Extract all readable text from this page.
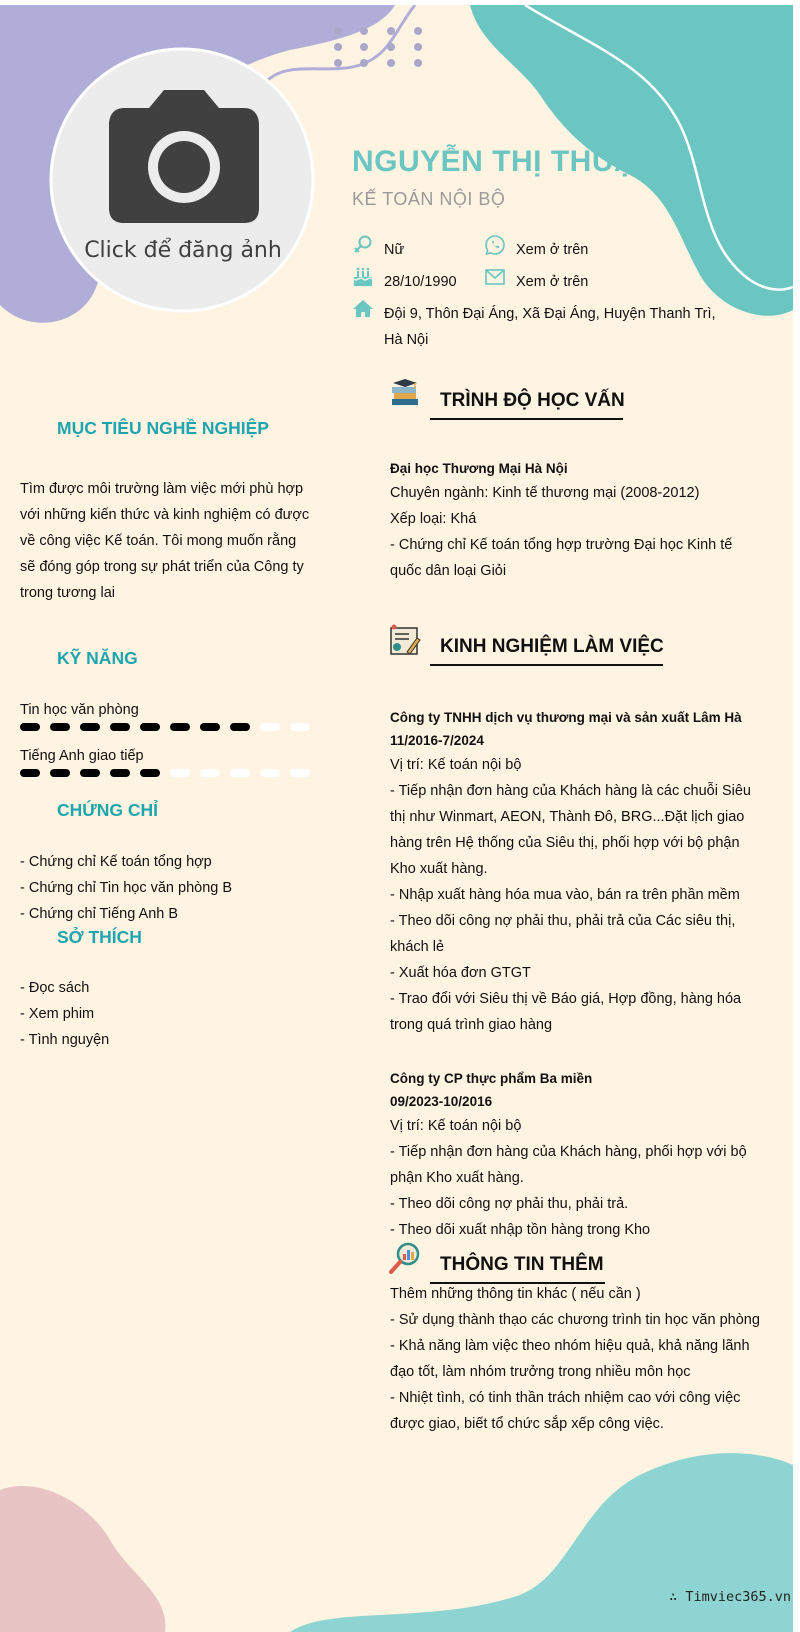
Click để đăng ảnh
NGUYỄN THỊ THUẬN
KẾ TOÁN NỘI BỘ
Nữ	Xem ở trên
28/10/1990	Xem ở trên
Đội 9, Thôn Đại Áng, Xã Đại Áng, Huyện Thanh Trì,
Hà Nội
MỤC TIÊU NGHỀ NGHIỆP
Tìm được môi trường làm việc mới phù hợp
với những kiến thức và kinh nghiệm có được
về công việc Kế toán. Tôi mong muốn rằng
sẽ đóng góp trong sự phát triển của Công ty
trong tương lai
KỸ NĂNG
Tin học văn phòng
Tiếng Anh giao tiếp
CHỨNG CHỈ
- Chứng chỉ Kế toán tổng hợp
- Chứng chỉ Tin học văn phòng B
- Chứng chỉ Tiếng Anh B
SỞ THÍCH
- Đọc sách
- Xem phim
- Tình nguyện
TRÌNH ĐỘ HỌC VẤN
Đại học Thương Mại Hà Nội
Chuyên ngành: Kinh tế thương mại (2008-2012)
Xếp loại: Khá
- Chứng chỉ Kế toán tổng hợp trường Đại học Kinh tế
quốc dân loại Giỏi
KINH NGHIỆM LÀM VIỆC
Công ty TNHH dịch vụ thương mại và sản xuất Lâm Hà
11/2016-7/2024
Vị trí: Kế toán nội bộ
- Tiếp nhận đơn hàng của Khách hàng là các chuỗi Siêu
thị như Winmart, AEON, Thành Đô, BRG...Đặt lịch giao
hàng trên Hệ thống của Siêu thị, phối hợp với bộ phận
Kho xuất hàng.
- Nhập xuất hàng hóa mua vào, bán ra trên phần mềm
- Theo dõi công nợ phải thu, phải trả của Các siêu thị,
khách lẻ
- Xuất hóa đơn GTGT
- Trao đổi với Siêu thị về Báo giá, Hợp đồng, hàng hóa
trong quá trình giao hàng
Công ty CP thực phẩm Ba miền
09/2023-10/2016
Vị trí: Kế toán nội bộ
- Tiếp nhận đơn hàng của Khách hàng, phối hợp với bộ
phận Kho xuất hàng.
- Theo dõi công nợ phải thu, phải trả.
- Theo dõi xuất nhập tồn hàng trong Kho
THÔNG TIN THÊM
Thêm những thông tin khác ( nếu cần )
- Sử dụng thành thạo các chương trình tin học văn phòng
- Khả năng làm việc theo nhóm hiệu quả, khả năng lãnh
đạo tốt, làm nhóm trưởng trong nhiều môn học
- Nhiệt tình, có tinh thần trách nhiệm cao với công việc
được giao, biết tổ chức sắp xếp công việc.
∴ Timviec365.vn
